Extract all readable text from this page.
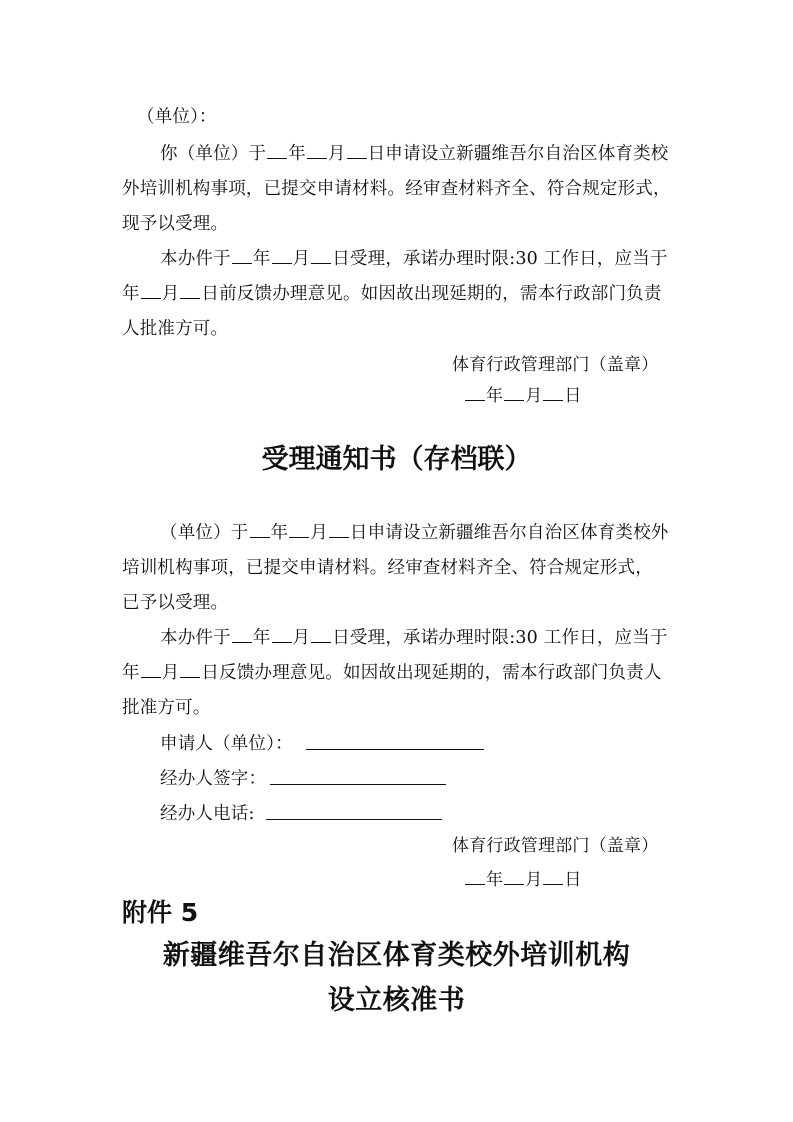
（单位）：
你（单位）于 年 月 日申请设立新疆维吾尔自治区体育类校
外培训机构事项，已提交申请材料。经审查材料齐全、符合规定形式，
现予以受理。
本办件于 年 月 日受理，承诺办理时限:30 工作日，应当于
年 月 日前反馈办理意见。如因故出现延期的，需本行政部门负责
人批准方可。
体育行政管理部门（盖章）
年 月 日
受理通知书（存档联）
（单位）于 年 月 日申请设立新疆维吾尔自治区体育类校外
培训机构事项，已提交申请材料。经审查材料齐全、符合规定形式，
已予以受理。
本办件于 年 月 日受理，承诺办理时限:30 工作日，应当于
年 月 日反馈办理意见。如因故出现延期的，需本行政部门负责人
批准方可。
申请人（单位）：
经办人签字：
经办人电话:
体育行政管理部门（盖章）
年 月 日
附件 5
新疆维吾尔自治区体育类校外培训机构
设立核准书
